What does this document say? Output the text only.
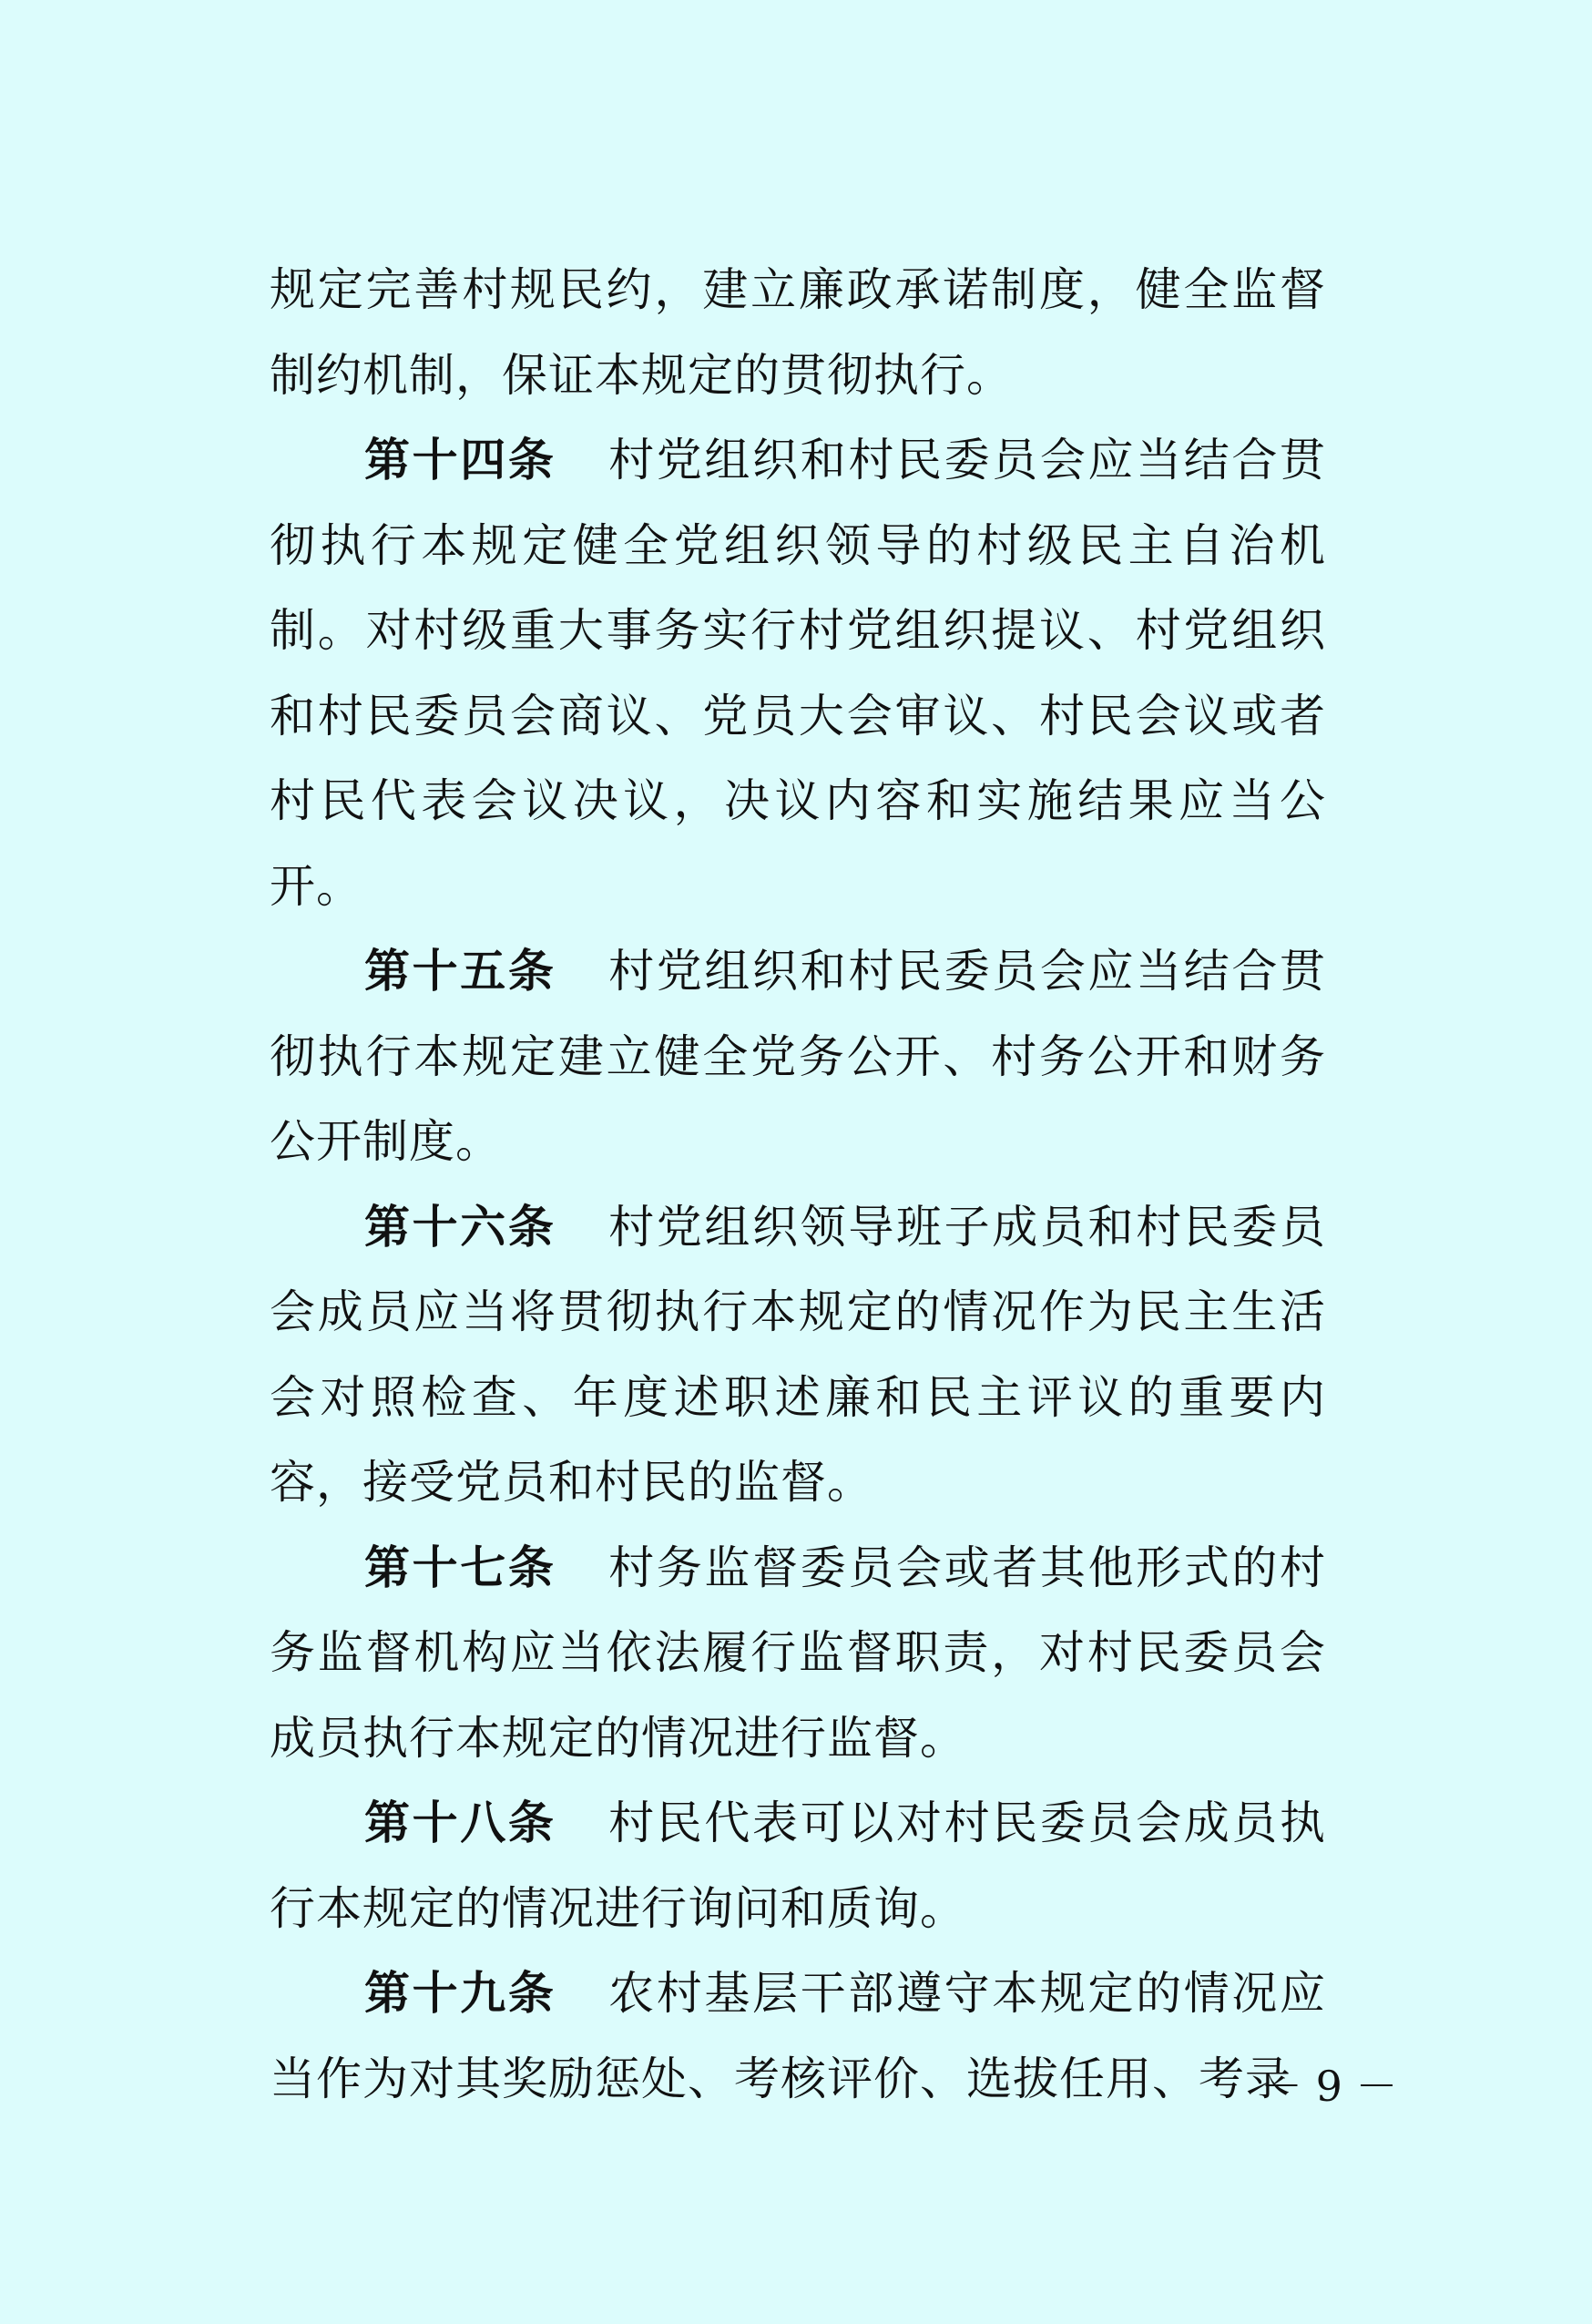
规定完善村规民约，建立廉政承诺制度，健全监督制约机制，保证本规定的贯彻执行。

第十四条 村党组织和村民委员会应当结合贯彻执行本规定健全党组织领导的村级民主自治机制。对村级重大事务实行村党组织提议、村党组织和村民委员会商议、党员大会审议、村民会议或者村民代表会议决议，决议内容和实施结果应当公开。

第十五条 村党组织和村民委员会应当结合贯彻执行本规定建立健全党务公开、村务公开和财务公开制度。

第十六条 村党组织领导班子成员和村民委员会成员应当将贯彻执行本规定的情况作为民主生活会对照检查、年度述职述廉和民主评议的重要内容，接受党员和村民的监督。

第十七条 村务监督委员会或者其他形式的村务监督机构应当依法履行监督职责，对村民委员会成员执行本规定的情况进行监督。

第十八条 村民代表可以对村民委员会成员执行本规定的情况进行询问和质询。

第十九条 农村基层干部遵守本规定的情况应当作为对其奖励惩处、考核评价、选拔任用、考录

－ 9 －
